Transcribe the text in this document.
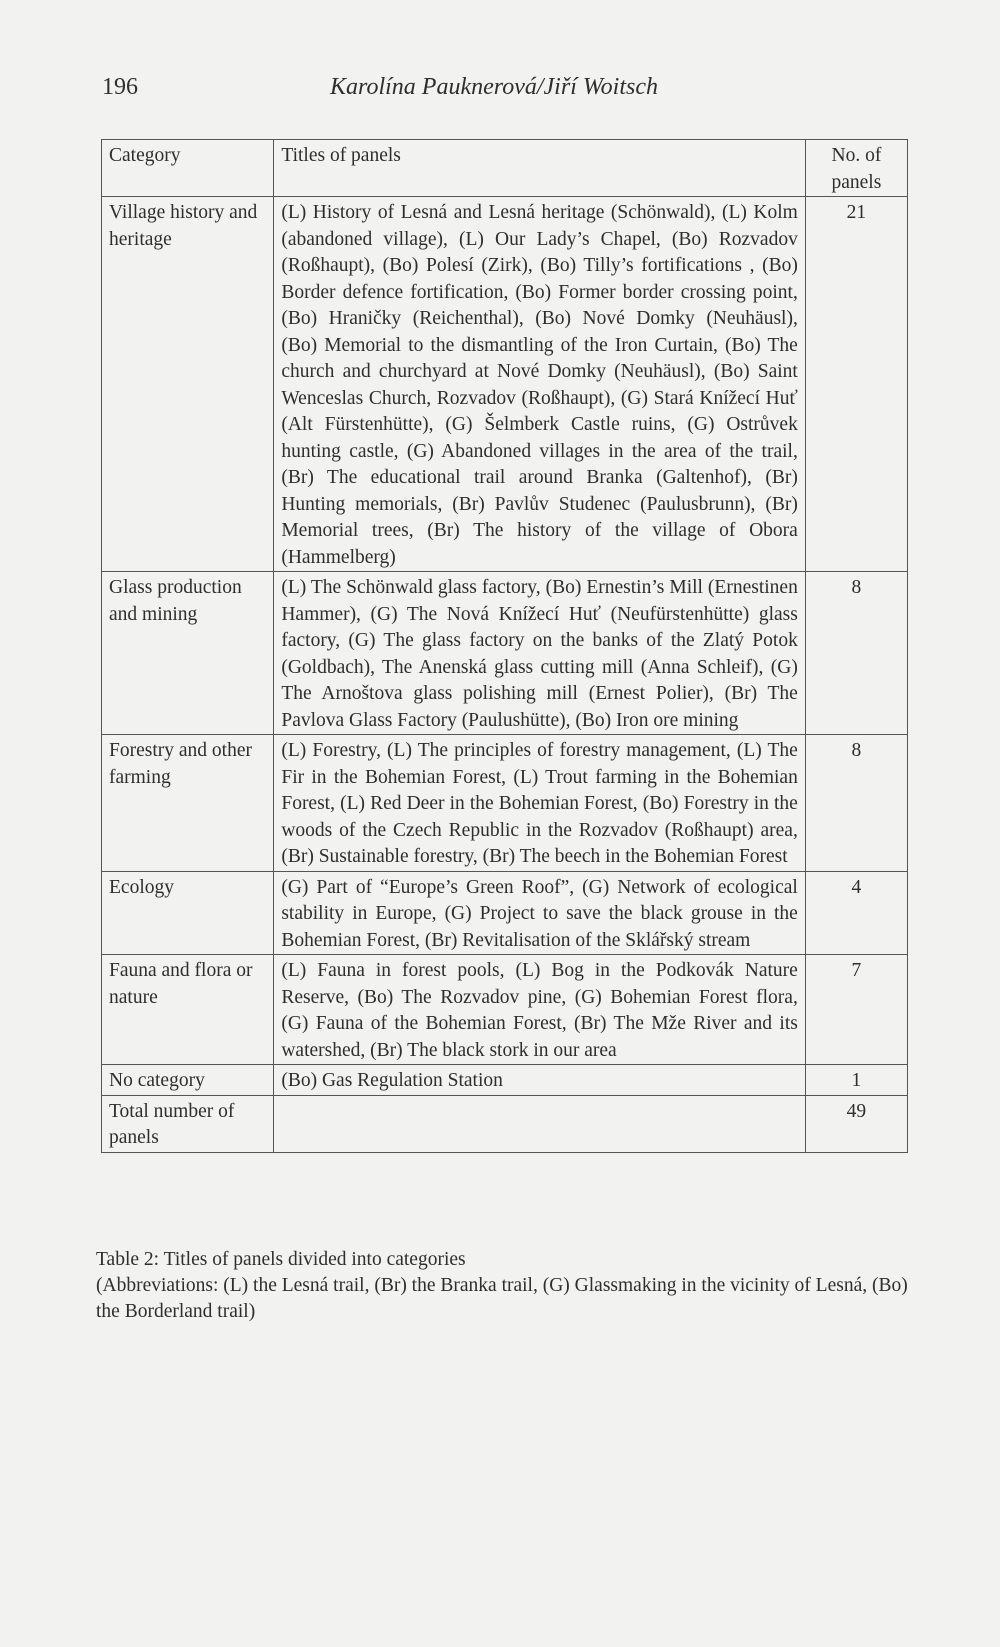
196	Karolína Pauknerová/Jiří Woitsch
Category	Titles of panels	No. of panels
Village history and heritage	(L) History of Lesná and Lesná heritage (Schönwald), (L) Kolm (abandoned village), (L) Our Lady’s Chapel, (Bo) Rozvadov (Roßhaupt), (Bo) Polesí (Zirk), (Bo) Tilly’s fortifications , (Bo) Border defence fortification, (Bo) Former border crossing point, (Bo) Hraničky (Reichenthal), (Bo) Nové Domky (Neuhäusl), (Bo) Memorial to the dismantling of the Iron Curtain, (Bo) The church and churchyard at Nové Domky (Neuhäusl), (Bo) Saint Wenceslas Church, Rozvadov (Roßhaupt), (G) Stará Knížecí Huť (Alt Fürstenhütte), (G) Šelmberk Castle ruins, (G) Ostrůvek hunting castle, (G) Abandoned villages in the area of the trail, (Br) The educational trail around Branka (Galtenhof), (Br) Hunting memorials, (Br) Pavlův Studenec (Paulusbrunn), (Br) Memorial trees, (Br) The history of the village of Obora (Hammelberg)	21
Glass production and mining	(L) The Schönwald glass factory, (Bo) Ernestin’s Mill (Ernestinen Hammer), (G) The Nová Knížecí Huť (Neufürstenhütte) glass factory, (G) The glass factory on the banks of the Zlatý Potok (Goldbach), The Anenská glass cutting mill (Anna Schleif), (G) The Arnoštova glass polishing mill (Ernest Polier), (Br) The Pavlova Glass Factory (Paulushütte), (Bo) Iron ore mining	8
Forestry and other farming	(L) Forestry, (L) The principles of forestry management, (L) The Fir in the Bohemian Forest, (L) Trout farming in the Bohemian Forest, (L) Red Deer in the Bohemian Forest, (Bo) Forestry in the woods of the Czech Republic in the Rozvadov (Roßhaupt) area, (Br) Sustainable forestry, (Br) The beech in the Bohemian Forest	8
Ecology	(G) Part of “Europe’s Green Roof”, (G) Network of ecological stability in Europe, (G) Project to save the black grouse in the Bohemian Forest, (Br) Revitalisation of the Sklářský stream	4
Fauna and flora or nature	(L) Fauna in forest pools, (L) Bog in the Podkovák Nature Reserve, (Bo) The Rozvadov pine, (G) Bohemian Forest flora, (G) Fauna of the Bohemian Forest, (Br) The Mže River and its watershed, (Br) The black stork in our area	7
No category	(Bo) Gas Regulation Station	1
Total number of panels		49

Table 2: Titles of panels divided into categories

(Abbreviations: (L) the Lesná trail, (Br) the Branka trail, (G) Glassmaking in the vicinity of Lesná, (Bo) the Borderland trail)
